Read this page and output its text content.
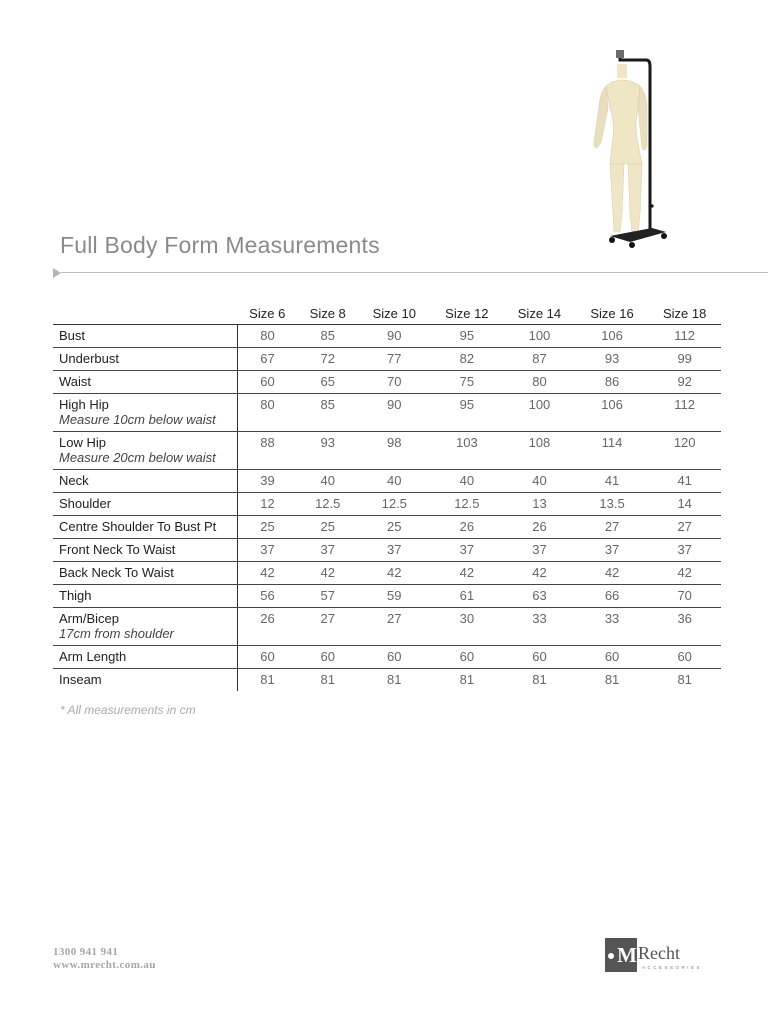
Full Body Form Measurements
	Size 6	Size 8	Size 10	Size 12	Size 14	Size 16	Size 18
Bust	80	85	90	95	100	106	112
Underbust	67	72	77	82	87	93	99
Waist	60	65	70	75	80	86	92
High Hip
Measure 10cm below waist	80	85	90	95	100	106	112
Low Hip
Measure 20cm below waist	88	93	98	103	108	114	120
Neck	39	40	40	40	40	41	41
Shoulder	12	12.5	12.5	12.5	13	13.5	14
Centre Shoulder To Bust Pt	25	25	25	26	26	27	27
Front Neck To Waist	37	37	37	37	37	37	37
Back Neck To Waist	42	42	42	42	42	42	42
Thigh	56	57	59	61	63	66	70
Arm/Bicep
17cm from shoulder	26	27	27	30	33	33	36
Arm Length	60	60	60	60	60	60	60
Inseam	81	81	81	81	81	81	81
* All measurements in cm
1300 941 941
www.mrecht.com.au	M Recht
ACCESSORIES
